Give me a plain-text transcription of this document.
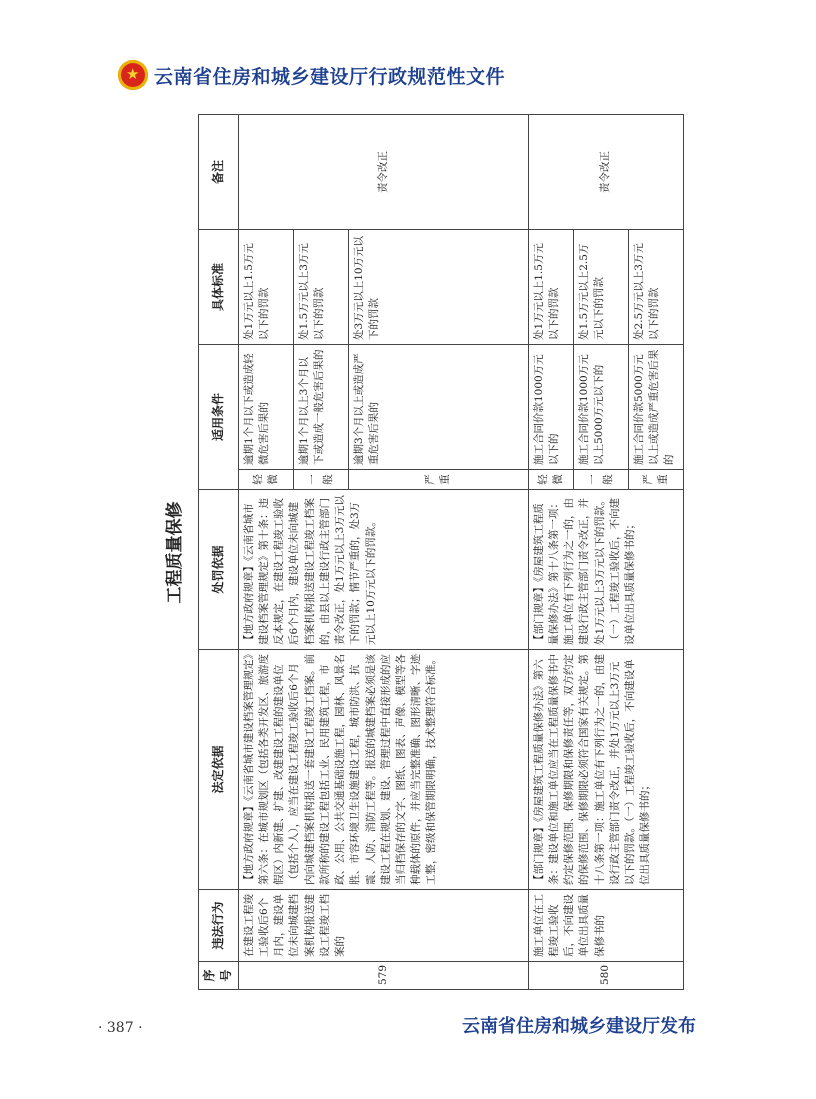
★
云南省住房和城乡建设厅行政规范性文件
工程质量保修
序号	违法行为	法定依据	处罚依据	适用条件		具体标准	备注
579	在建设工程竣工验收后6个月内，建设单位未向城建档案机构报送建设工程竣工档案的	【地方政府规章】《云南省城市建设档案管理规定》第六条：在城市规划区（包括各类开发区、旅游度假区）内新建、扩建、改建建设工程的建设单位（包括个人），应当在建设工程竣工验收后6个月内向城建档案机构报送一套建设工程竣工档案。前款所称的建设工程包括工业、民用建筑工程，市政、公用、公共交通基础设施工程，园林、风景名胜、市容环境卫生设施建设工程，城市防洪、抗震、人防、消防工程等。报送的城建档案必须是该建设工程在规划、建设、管理过程中直接形成的应当归档保存的文字、图纸、图表、声像、模型等各种载体的原件，并应当完整准确、图形清晰、字迹工整，密级和保管期限明确，技术整理符合标准。	【地方政府规章】《云南省城市建设档案管理规定》第十条：违反本规定，在建设工程竣工验收后6个月内，建设单位未向城建档案机构报送建设工程竣工档案的，由县以上建设行政主管部门责令改正，处1万元以上3万元以下的罚款；情节严重的，处3万元以上10万元以下的罚款。	轻微	逾期1个月以下或造成轻微危害后果的	处1万元以上1.5万元以下的罚款	责令改正
				一般	逾期1个月以上3个月以下或造成一般危害后果的	处1.5万元以上3万元以下的罚款	
				严重	逾期3个月以上或造成严重危害后果的	处3万元以上10万元以下的罚款	
580	施工单位在工程竣工验收后，不向建设单位出具质量保修书的	【部门规章】《房屋建筑工程质量保修办法》第六条：建设单位和施工单位应当在工程质量保修书中约定保修范围、保修期限和保修责任等，双方约定的保修范围、保修期限必须符合国家有关规定。第十八条第一项：施工单位有下列行为之一的，由建设行政主管部门责令改正，并处1万元以上3万元以下的罚款。（一）工程竣工验收后，不向建设单位出具质量保修书的；	【部门规章】《房屋建筑工程质量保修办法》第十八条第一项：施工单位有下列行为之一的，由建设行政主管部门责令改正，并处1万元以上3万元以下的罚款。（一）工程竣工验收后，不向建设单位出具质量保修书的；	轻微	施工合同价款1000万元以下的	处1万元以上1.5万元以下的罚款	责令改正
				一般	施工合同价款1000万元以上5000万元以下的	处1.5万元以上2.5万元以下的罚款	
				严重	施工合同价款5000万元以上或造成严重危害后果的	处2.5万元以上3万元以下的罚款	
· 387 ·	云南省住房和城乡建设厅发布
